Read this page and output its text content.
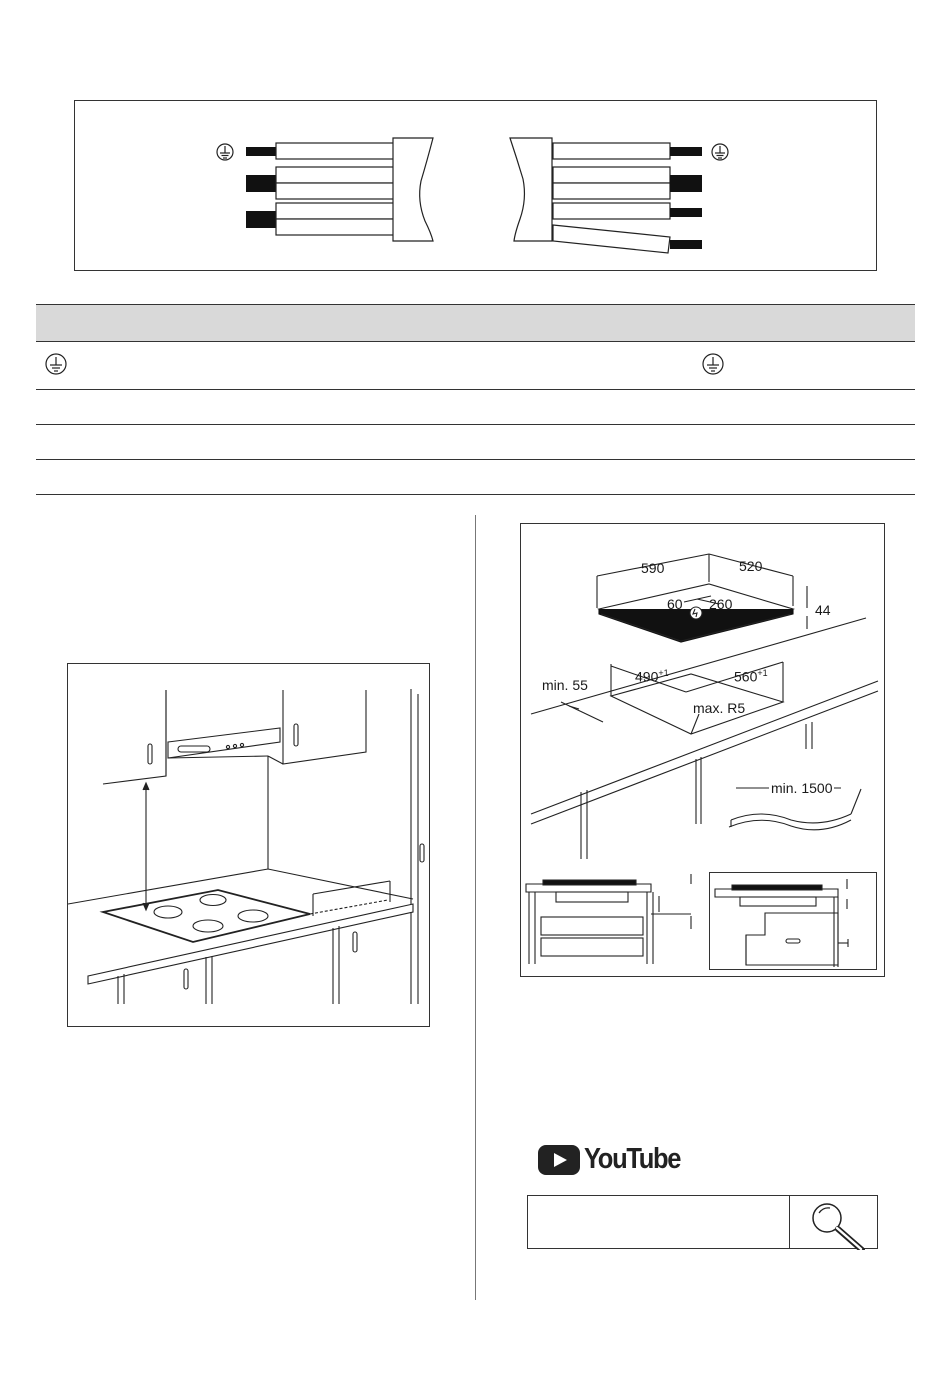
590	520
44
60 260
$490^{+1}$	$560^{+1}$
min. 55
max. R5
min. 1500
YouTube
